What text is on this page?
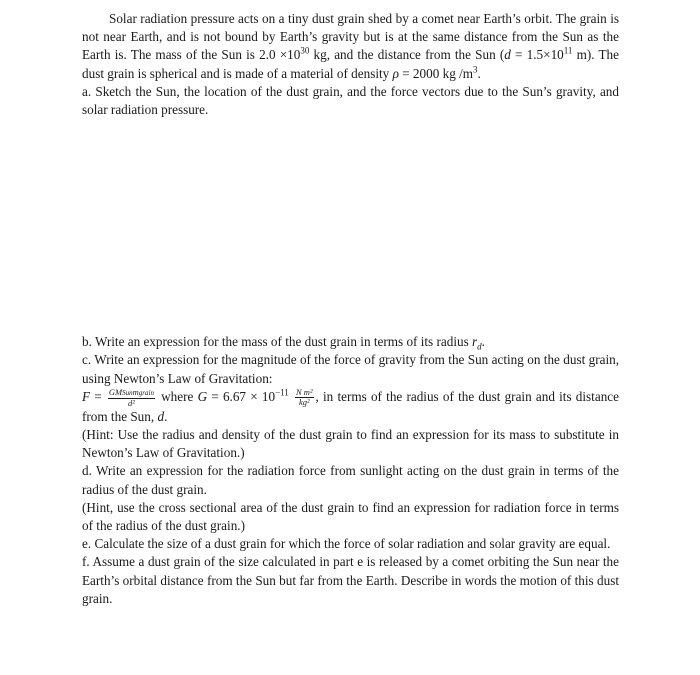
Solar radiation pressure acts on a tiny dust grain shed by a comet near Earth’s orbit. The grain is not near Earth, and is not bound by Earth’s gravity but is at the same distance from the Sun as the Earth is. The mass of the Sun is $2.0 \times 10^{30}$ kg, and the distance from the Sun ($d = 1.5\times 10^{11}$ m). The dust grain is spherical and is made of a material of density ρ = 2000 kg $/m^3$.

a. Sketch the Sun, the location of the dust grain, and the force vectors due to the Sun’s gravity, and solar radiation pressure.

b. Write an expression for the mass of the dust grain in terms of its radius $r_d$.

c. Write an expression for the magnitude of the force of gravity from the Sun acting on the dust grain, using Newton’s Law of Gravitation:
$F = \frac{\text{GMSunmgrain}}{\text{d²}}$ where $G = 6.67 \times 10^{-11} \frac{\text{N m²}}{\text{kg²}}$ , in terms of the radius of the dust grain and its distance from the Sun, d.

(Hint: Use the radius and density of the dust grain to find an expression for its mass to substitute in Newton’s Law of Gravitation.)

d. Write an expression for the radiation force from sunlight acting on the dust grain in terms of the radius of the dust grain.

(Hint, use the cross sectional area of the dust grain to find an expression for radiation force in terms of the radius of the dust grain.)

e. Calculate the size of a dust grain for which the force of solar radiation and solar gravity are equal.

f. Assume a dust grain of the size calculated in part e is released by a comet orbiting the Sun near the Earth’s orbital distance from the Sun but far from the Earth. Describe in words the motion of this dust grain.
